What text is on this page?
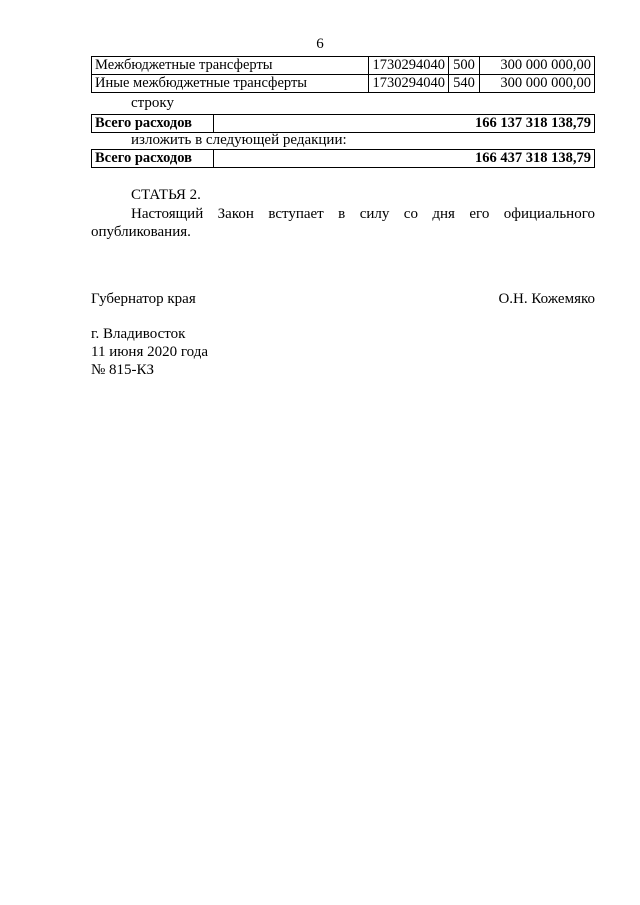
6
Межбюджетные трансферты	1730294040	500	300 000 000,00
Иные межбюджетные трансферты	1730294040	540	300 000 000,00
строку
Всего расходов	166 137 318 138,79
изложить в следующей редакции:
Всего расходов	166 437 318 138,79
СТАТЬЯ 2.
Настоящий Закон вступает в силу со дня его официального опубликования.
Губернатор края	О.Н. Кожемяко
г. Владивосток
11 июня 2020 года
№ 815-КЗ
